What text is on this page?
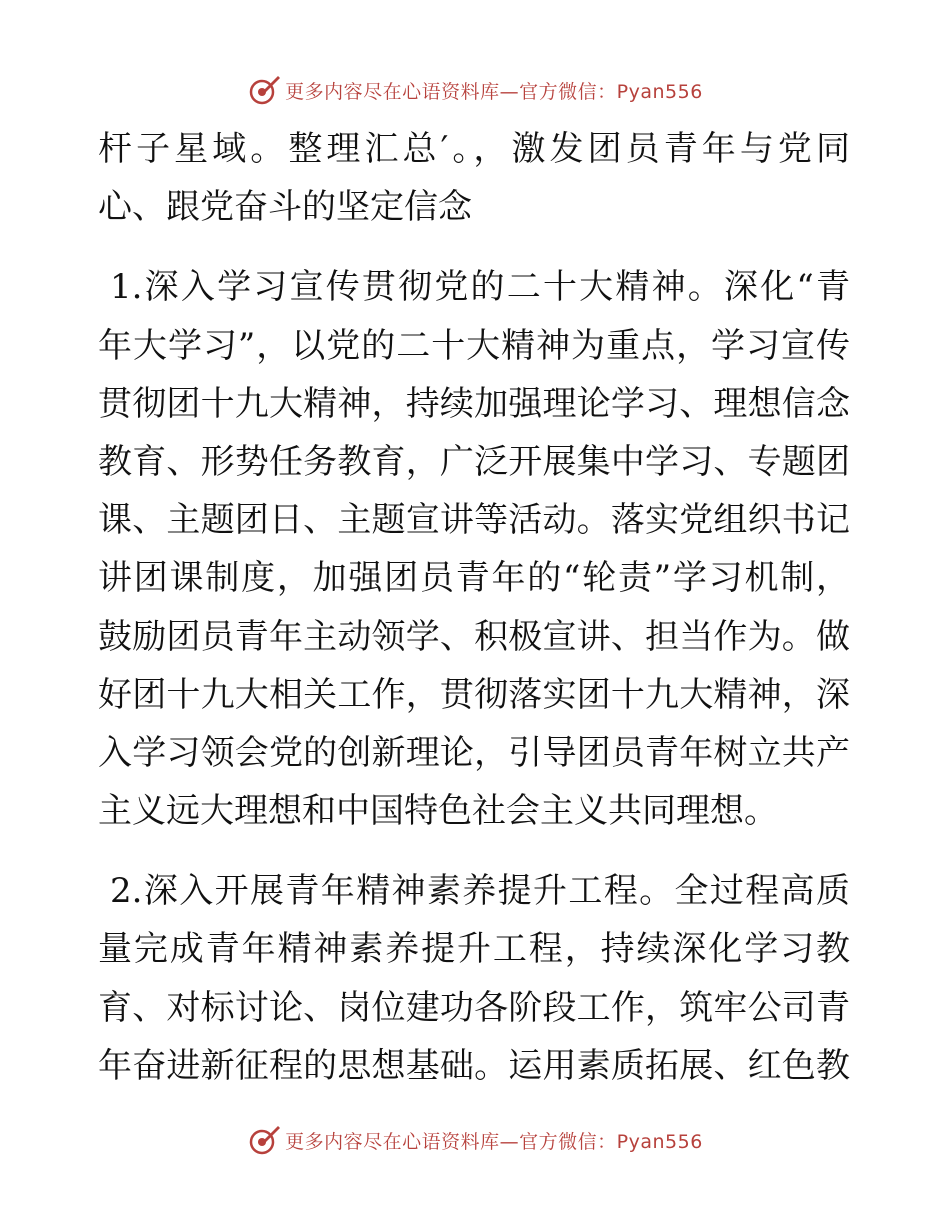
更多内容尽在心语资料库—官方微信：Pyan556
杆子星域。整理汇总′。，激发团员青年与党同
心、跟党奋斗的坚定信念
1.深入学习宣传贯彻党的二十大精神。深化“青
年大学习”，以党的二十大精神为重点，学习宣传
贯彻团十九大精神，持续加强理论学习、理想信念
教育、形势任务教育，广泛开展集中学习、专题团
课、主题团日、主题宣讲等活动。落实党组织书记
讲团课制度，加强团员青年的“轮责”学习机制，
鼓励团员青年主动领学、积极宣讲、担当作为。做
好团十九大相关工作，贯彻落实团十九大精神，深
入学习领会党的创新理论，引导团员青年树立共产
主义远大理想和中国特色社会主义共同理想。
2.深入开展青年精神素养提升工程。全过程高质
量完成青年精神素养提升工程，持续深化学习教
育、对标讨论、岗位建功各阶段工作，筑牢公司青
年奋进新征程的思想基础。运用素质拓展、红色教
更多内容尽在心语资料库—官方微信：Pyan556
